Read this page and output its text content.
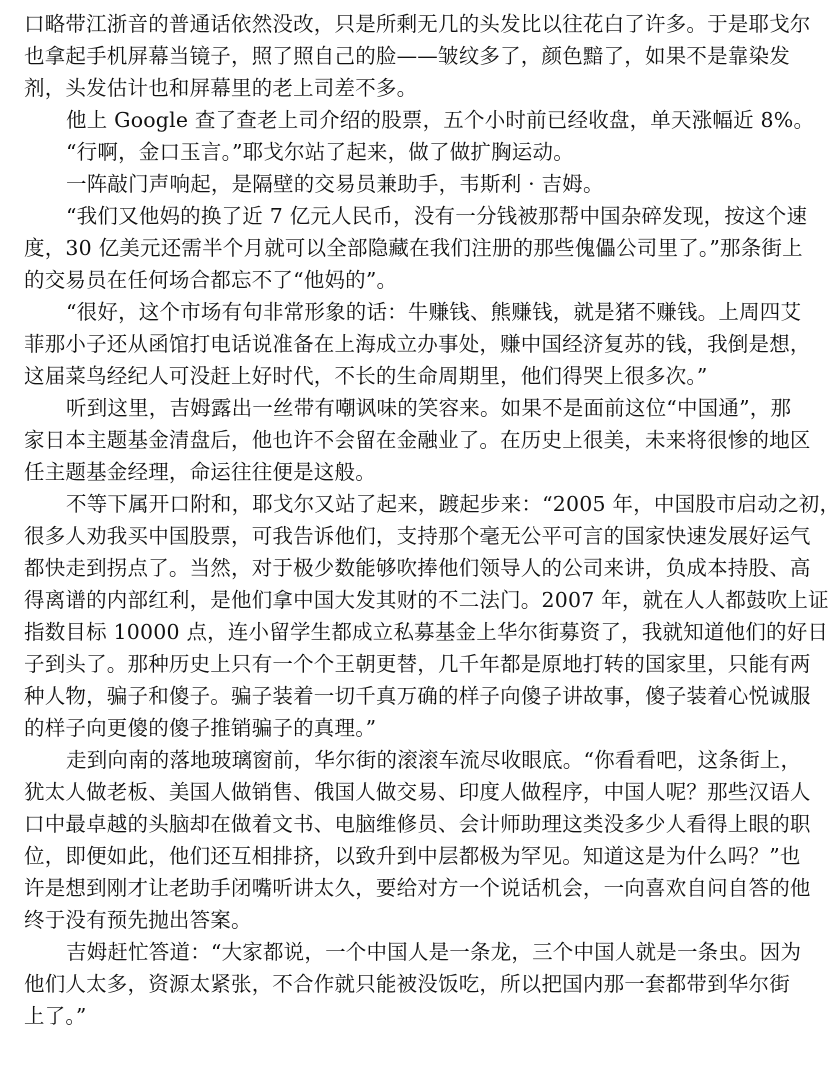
口略带江浙音的普通话依然没改，只是所剩无几的头发比以往花白了许多。于是耶戈尔
也拿起手机屏幕当镜子，照了照自己的脸——皱纹多了，颜色黯了，如果不是靠染发
剂，头发估计也和屏幕里的老上司差不多。
他上 Google 查了查老上司介绍的股票，五个小时前已经收盘，单天涨幅近 8%。
“行啊，金口玉言。”耶戈尔站了起来，做了做扩胸运动。
一阵敲门声响起，是隔壁的交易员兼助手，韦斯利 · 吉姆。
“我们又他妈的换了近 7 亿元人民币，没有一分钱被那帮中国杂碎发现，按这个速
度，30 亿美元还需半个月就可以全部隐藏在我们注册的那些傀儡公司里了。”那条街上
的交易员在任何场合都忘不了“他妈的”。
“很好，这个市场有句非常形象的话：牛赚钱、熊赚钱，就是猪不赚钱。上周四艾
菲那小子还从函馆打电话说准备在上海成立办事处，赚中国经济复苏的钱，我倒是想，
这届菜鸟经纪人可没赶上好时代，不长的生命周期里，他们得哭上很多次。”
听到这里，吉姆露出一丝带有嘲讽味的笑容来。如果不是面前这位“中国通”，那
家日本主题基金清盘后，他也许不会留在金融业了。在历史上很美，未来将很惨的地区
任主题基金经理，命运往往便是这般。
不等下属开口附和，耶戈尔又站了起来，踱起步来：“2005 年，中国股市启动之初，
很多人劝我买中国股票，可我告诉他们，支持那个毫无公平可言的国家快速发展好运气
都快走到拐点了。当然，对于极少数能够吹捧他们领导人的公司来讲，负成本持股、高
得离谱的内部红利，是他们拿中国大发其财的不二法门。2007 年，就在人人都鼓吹上证
指数目标 10000 点，连小留学生都成立私募基金上华尔街募资了，我就知道他们的好日
子到头了。那种历史上只有一个个王朝更替，几千年都是原地打转的国家里，只能有两
种人物，骗子和傻子。骗子装着一切千真万确的样子向傻子讲故事，傻子装着心悦诚服
的样子向更傻的傻子推销骗子的真理。”
走到向南的落地玻璃窗前，华尔街的滚滚车流尽收眼底。“你看看吧，这条街上，
犹太人做老板、美国人做销售、俄国人做交易、印度人做程序，中国人呢？那些汉语人
口中最卓越的头脑却在做着文书、电脑维修员、会计师助理这类没多少人看得上眼的职
位，即便如此，他们还互相排挤，以致升到中层都极为罕见。知道这是为什么吗？”也
许是想到刚才让老助手闭嘴听讲太久，要给对方一个说话机会，一向喜欢自问自答的他
终于没有预先抛出答案。
吉姆赶忙答道：“大家都说，一个中国人是一条龙，三个中国人就是一条虫。因为
他们人太多，资源太紧张，不合作就只能被没饭吃，所以把国内那一套都带到华尔街
上了。”
